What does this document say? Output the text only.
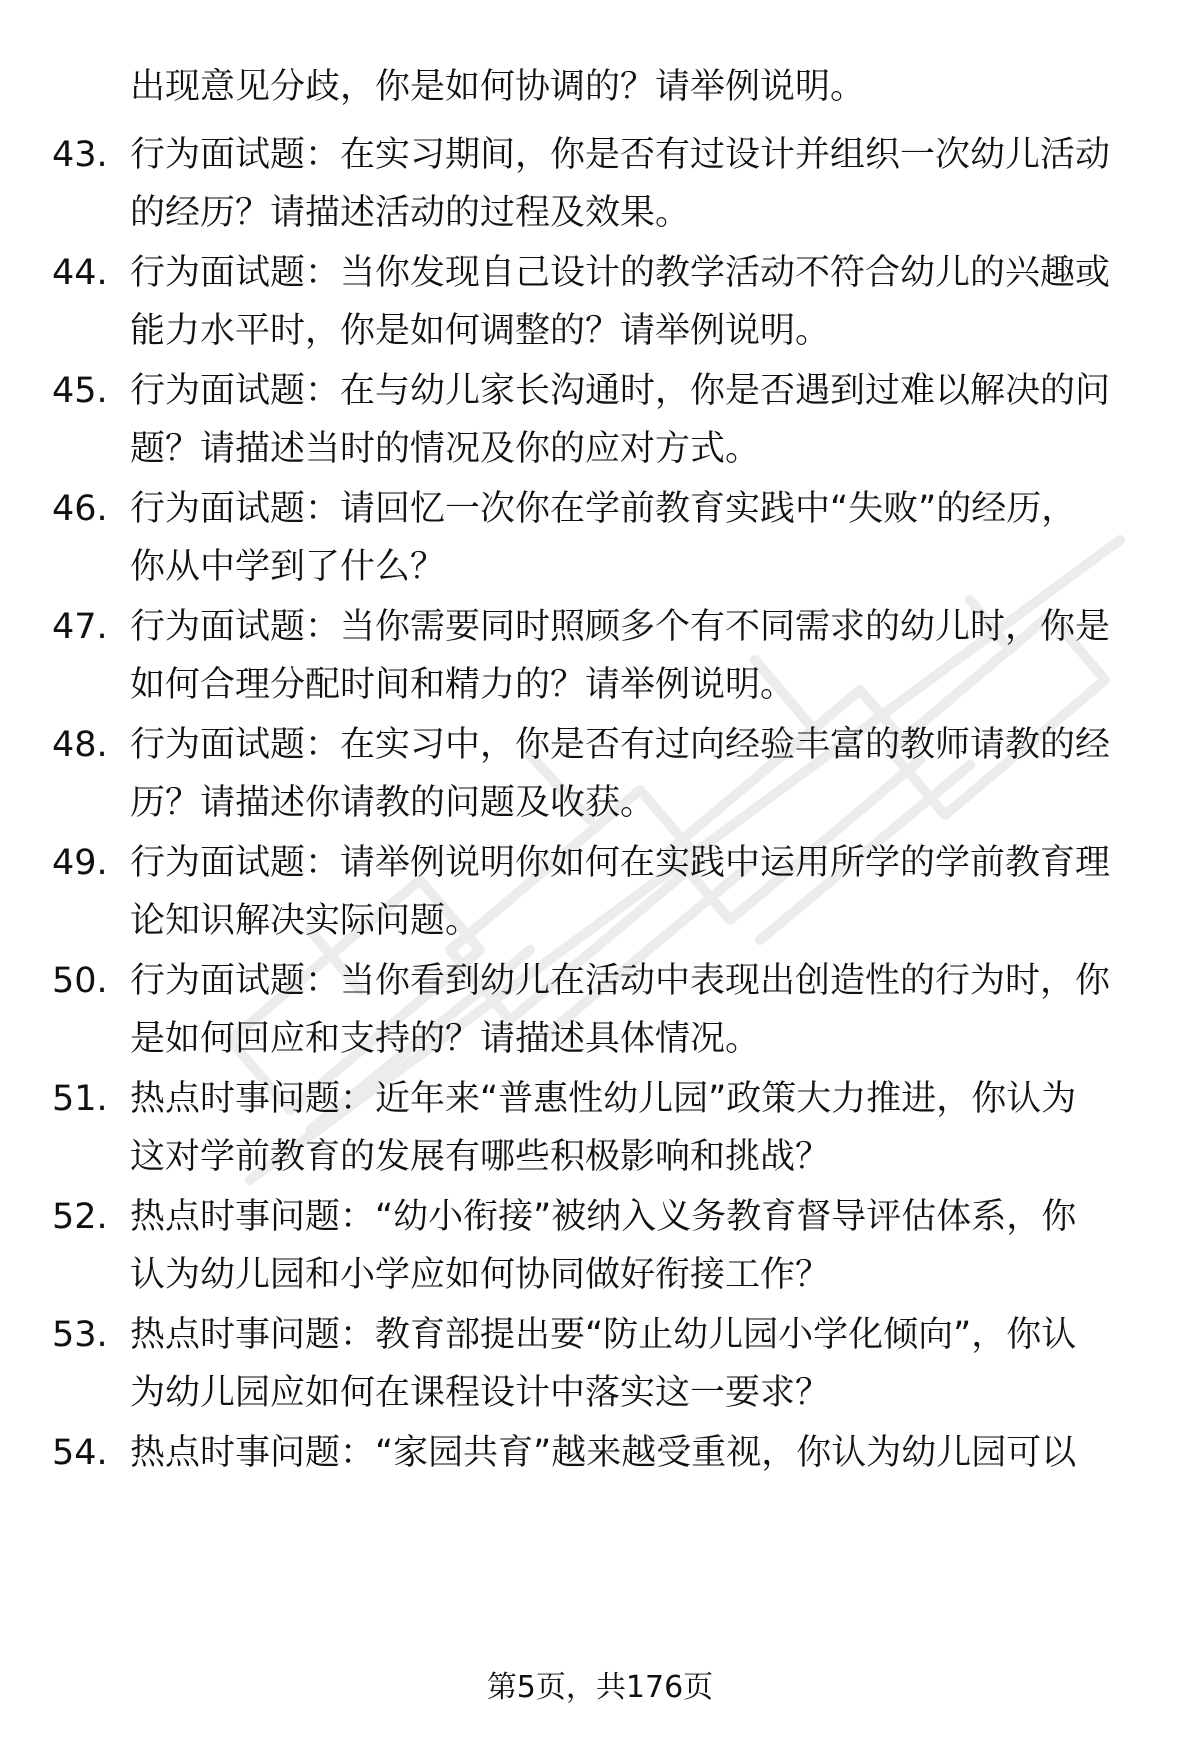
出现意见分歧，你是如何协调的？请举例说明。
43. 行为面试题：在实习期间，你是否有过设计并组织一次幼儿活动
的经历？请描述活动的过程及效果。
44. 行为面试题：当你发现自己设计的教学活动不符合幼儿的兴趣或
能力水平时，你是如何调整的？请举例说明。
45. 行为面试题：在与幼儿家长沟通时，你是否遇到过难以解决的问
题？请描述当时的情况及你的应对方式。
46. 行为面试题：请回忆一次你在学前教育实践中“失败”的经历，
你从中学到了什么？
47. 行为面试题：当你需要同时照顾多个有不同需求的幼儿时，你是
如何合理分配时间和精力的？请举例说明。
48. 行为面试题：在实习中，你是否有过向经验丰富的教师请教的经
历？请描述你请教的问题及收获。
49. 行为面试题：请举例说明你如何在实践中运用所学的学前教育理
论知识解决实际问题。
50. 行为面试题：当你看到幼儿在活动中表现出创造性的行为时，你
是如何回应和支持的？请描述具体情况。
51. 热点时事问题：近年来“普惠性幼儿园”政策大力推进，你认为
这对学前教育的发展有哪些积极影响和挑战？
52. 热点时事问题：“幼小衔接”被纳入义务教育督导评估体系，你
认为幼儿园和小学应如何协同做好衔接工作？
53. 热点时事问题：教育部提出要“防止幼儿园小学化倾向”，你认
为幼儿园应如何在课程设计中落实这一要求？
54. 热点时事问题：“家园共育”越来越受重视，你认为幼儿园可以
第5页，共176页
